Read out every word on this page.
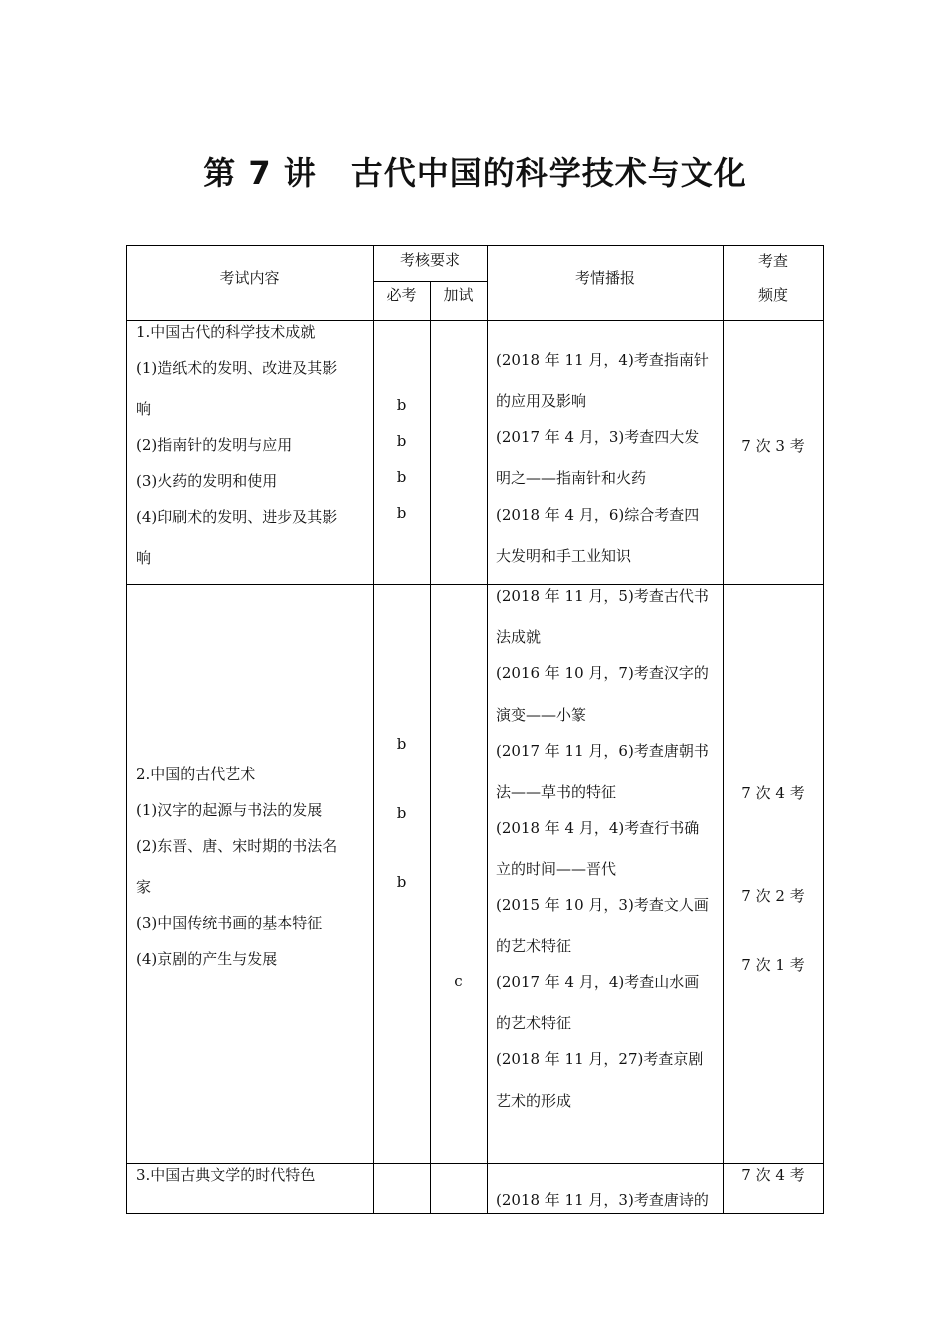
第 7 讲 古代中国的科学技术与文化
考试内容
考核要求
必考	加试
考情播报
考查
频度
1.中国古代的科学技术成就
(1)造纸术的发明、改进及其影
响
(2)指南针的发明与应用
(3)火药的发明和使用
(4)印刷术的发明、进步及其影
响
b
b
b
b
(2018 年 11 月，4)考查指南针
的应用及影响
(2017 年 4 月，3)考查四大发
明之——指南针和火药
(2018 年 4 月，6)综合考查四
大发明和手工业知识
7 次 3 考
2.中国的古代艺术
(1)汉字的起源与书法的发展
(2)东晋、唐、宋时期的书法名
家
(3)中国传统书画的基本特征
(4)京剧的产生与发展
b
b
b
c
(2018 年 11 月，5)考查古代书
法成就
(2016 年 10 月，7)考查汉字的
演变——小篆
(2017 年 11 月，6)考查唐朝书
法——草书的特征
(2018 年 4 月，4)考查行书确
立的时间——晋代
(2015 年 10 月，3)考查文人画
的艺术特征
(2017 年 4 月，4)考查山水画
的艺术特征
(2018 年 11 月，27)考查京剧
艺术的形成
7 次 4 考
7 次 2 考
7 次 1 考
3.中国古典文学的时代特色
(2018 年 11 月，3)考查唐诗的
7 次 4 考
